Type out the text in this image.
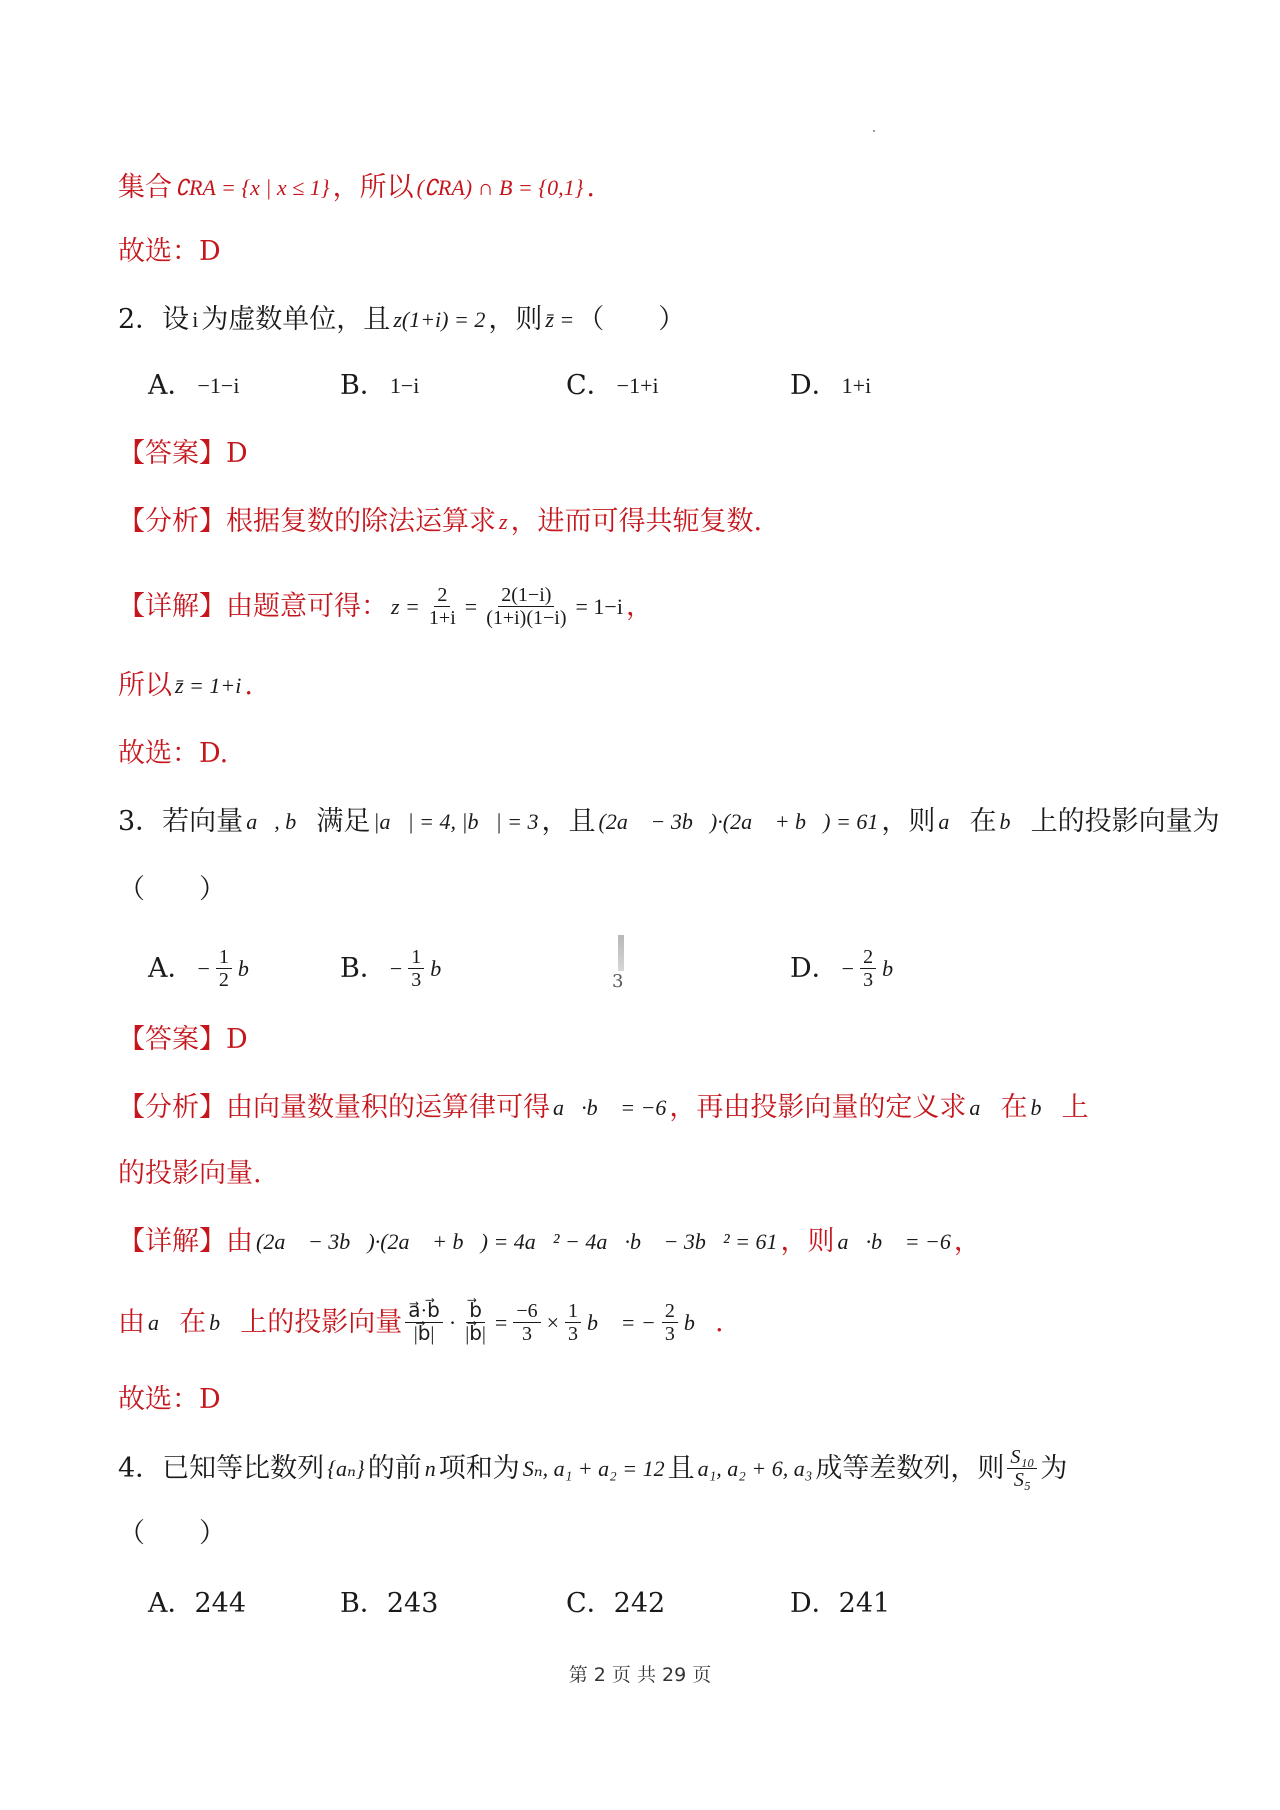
集合 ∁RA = {x | x ≤ 1} ，所以 (∁RA) ∩ B = {0,1} .
故选：D
2．设 i 为虚数单位，且 z(1+i) = 2 ，则 z̄ = （　　）
A． −1−i	B． 1−i	C． −1+i	D． 1+i
【答案】 D
【分析】 根据复数的除法运算求 z ，进而可得共轭复数.
【详解】 由题意可得： $z = \frac{2}{1+i} = \frac{2(1-i)}{(1+i)(1-i)} = 1-i$ ，
所以 z̄ = 1+i .
故选：D.
3．若向量 a⃗, b⃗ 满足 |a⃗| = 4, |b⃗| = 3 ，且 (2a⃗ − 3b⃗)·(2a⃗ + b⃗) = 61 ，则 a⃗ 在 b⃗ 上的投影向量为
（　　）
A． − $\frac{1}{2}$ b⃗	B． − $\frac{1}{3}$ b⃗
3	D． − $\frac{2}{3}$ b⃗
【答案】 D
【分析】 由向量数量积的运算律可得 a⃗·b⃗ = −6 ，再由投影向量的定义求 a⃗ 在 b⃗ 上
的投影向量.
【详解】 由 (2a⃗ − 3b⃗)·(2a⃗ + b⃗) = 4a⃗² − 4a⃗·b⃗ − 3b⃗² = 61 ，则 a⃗·b⃗ = −6 ，
由 a⃗ 在 b⃗ 上的投影向量 $\frac{a⃗\cdot b⃗}{|b⃗|} \cdot \frac{b⃗}{|b⃗|} = \frac{-6}{3} \times \frac{1}{3}$ b⃗ = − $\frac{2}{3}$ b⃗ .
故选：D
4．已知等比数列 {aₙ} 的前 n 项和为 Sₙ, a₁ + a₂ = 12 且 a₁, a₂ + 6, a₃ 成等差数列，则 $\frac{\text{S₁₀}}{\text{S₅}}$ 为
（　　）
A． 244	B． 243	C． 242	D． 241
第 2 页 共 29 页
